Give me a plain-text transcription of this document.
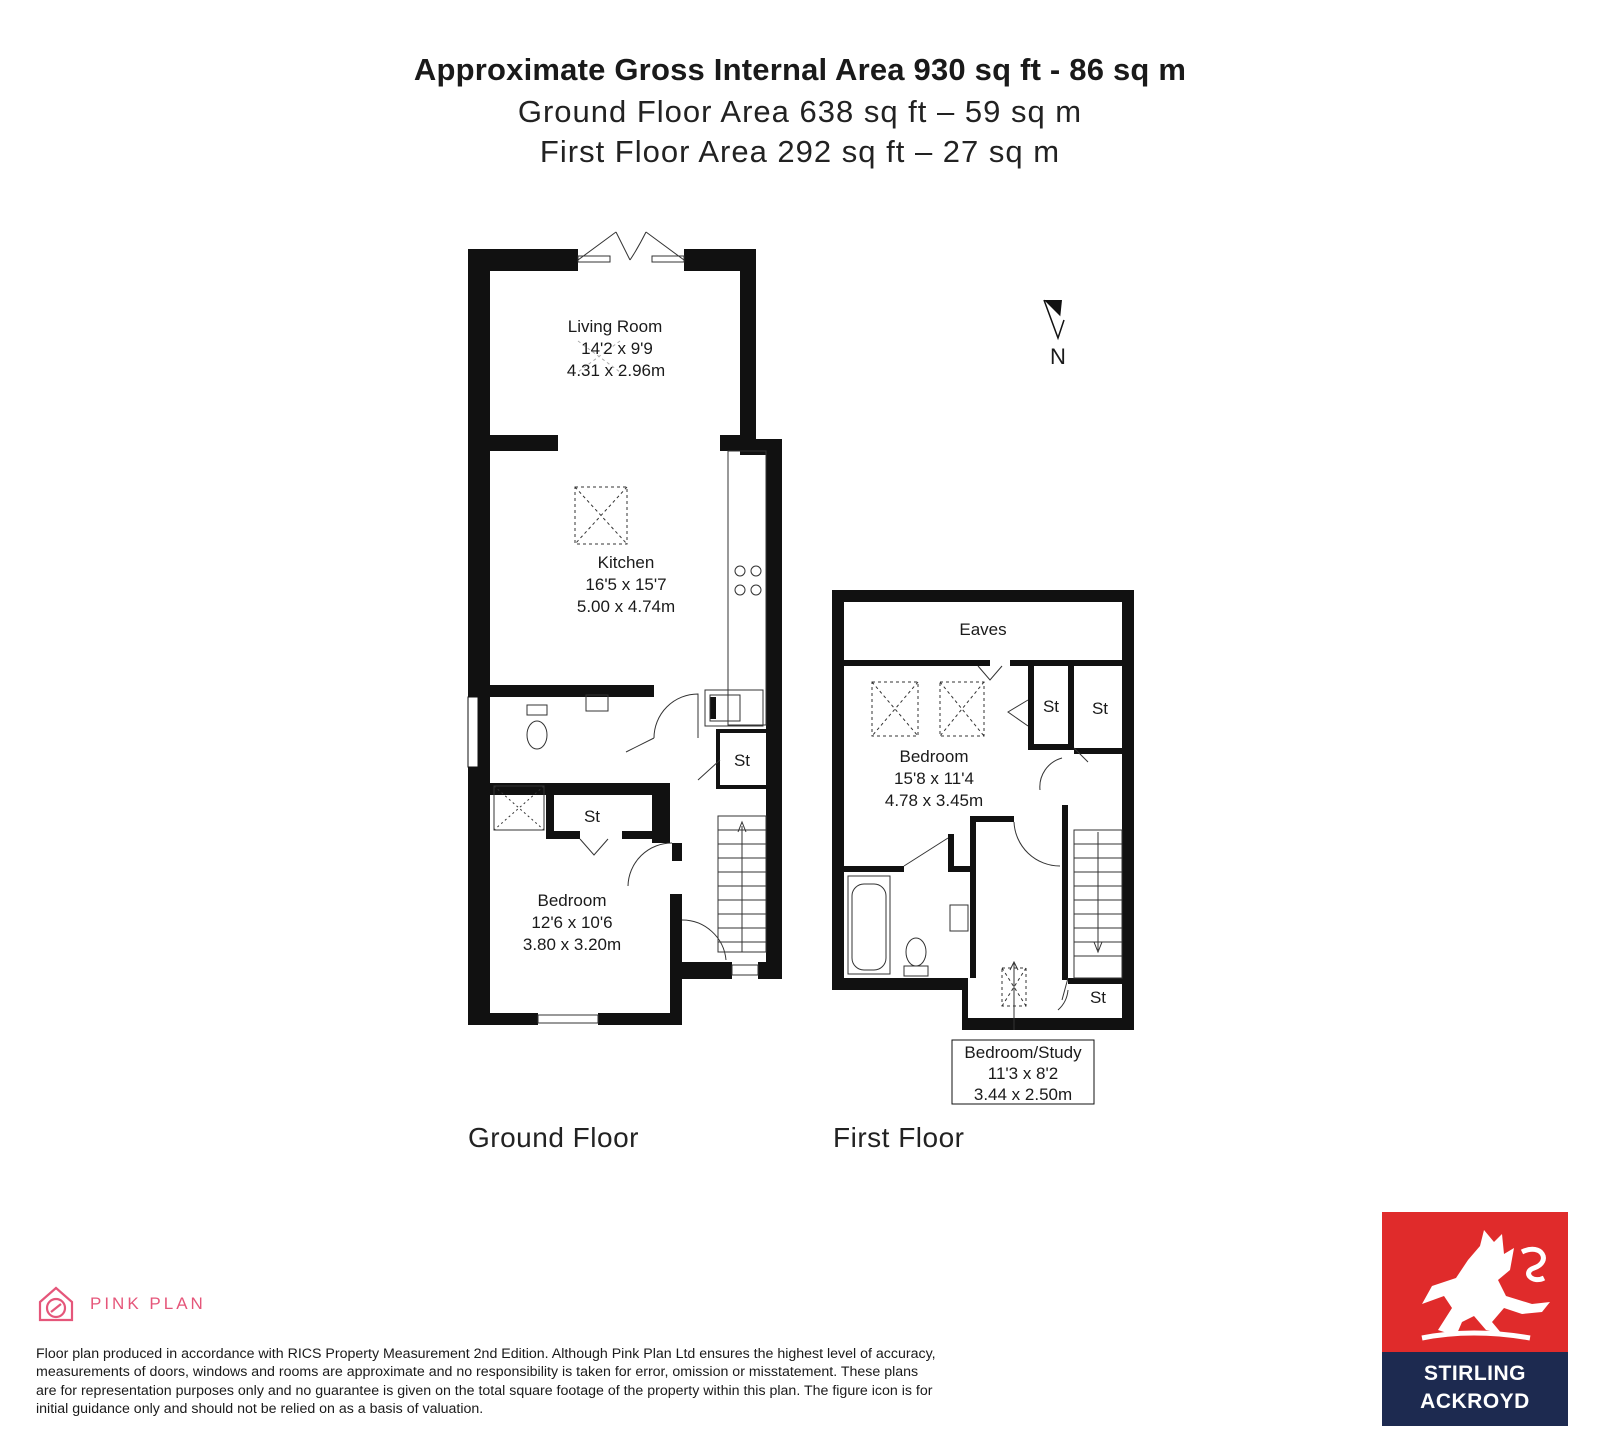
Approximate Gross Internal Area 930 sq ft - 86 sq m
Ground Floor Area 638 sq ft – 59 sq m
First Floor Area 292 sq ft – 27 sq m
N
Living Room
14'2 x 9'9
4.31 x 2.96m
Kitchen
16'5 x 15'7
5.00 x 4.74m
St
St
Bedroom
12'6 x 10'6
3.80 x 3.20m
Eaves
St St
St
Bedroom
15'8 x 11'4
4.78 x 3.45m
Bedroom/Study
11'3 x 8'2
3.44 x 2.50m
Ground Floor	First Floor
PINK PLAN
Floor plan produced in accordance with RICS Property Measurement 2nd Edition. Although Pink Plan Ltd ensures the highest level of accuracy, measurements of doors, windows and rooms are approximate and no responsibility is taken for error, omission or misstatement. These plans are for representation purposes only and no guarantee is given on the total square footage of the property within this plan. The figure icon is for initial guidance only and should not be relied on as a basis of valuation.
STIRLING
ACKROYD
